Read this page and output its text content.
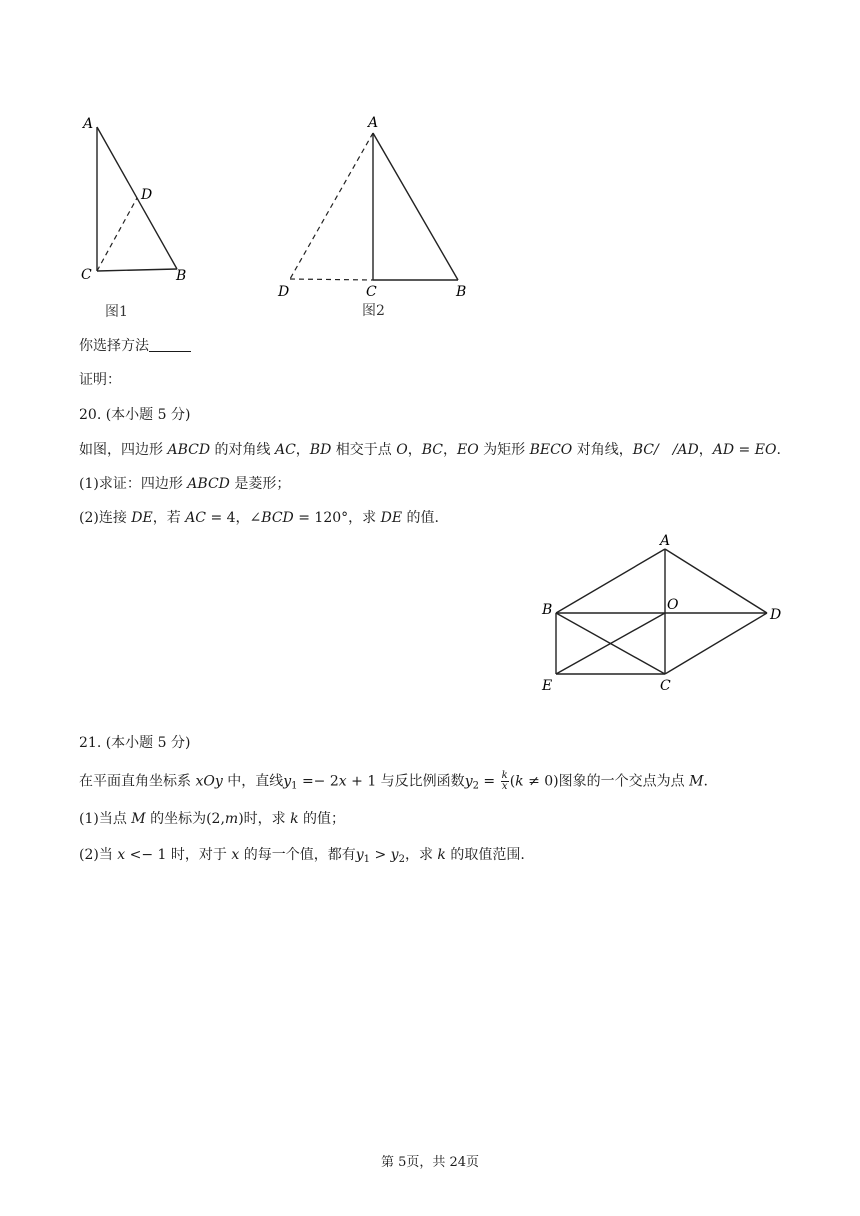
A
D
C	B
图1
A
D	C	B
图2
你选择方法
证明：
20. (本小题 5 分)
如图，四边形 ABCD 的对角线 AC，BD 相交于点 O，BC，EO 为矩形 BECO 对角线，BC/　/AD，AD = EO.
(1)求证：四边形 ABCD 是菱形；
(2)连接 DE，若 AC = 4，∠BCD = 120°，求 DE 的值.
A
B	O
D
E	C
21. (本小题 5 分)
在平面直角坐标系 xOy 中，直线$y_1 =- 2x + 1$ 与反比例函数$y_2 = \frac{k}{x} (k \ne 0)$图象的一个交点为点 M.
(1)当点 M 的坐标为(2,m)时，求 k 的值；
(2)当 x <− 1 时，对于 x 的每一个值，都有$y_1 > y_2$，求 k 的取值范围.
第 5页，共 24页
